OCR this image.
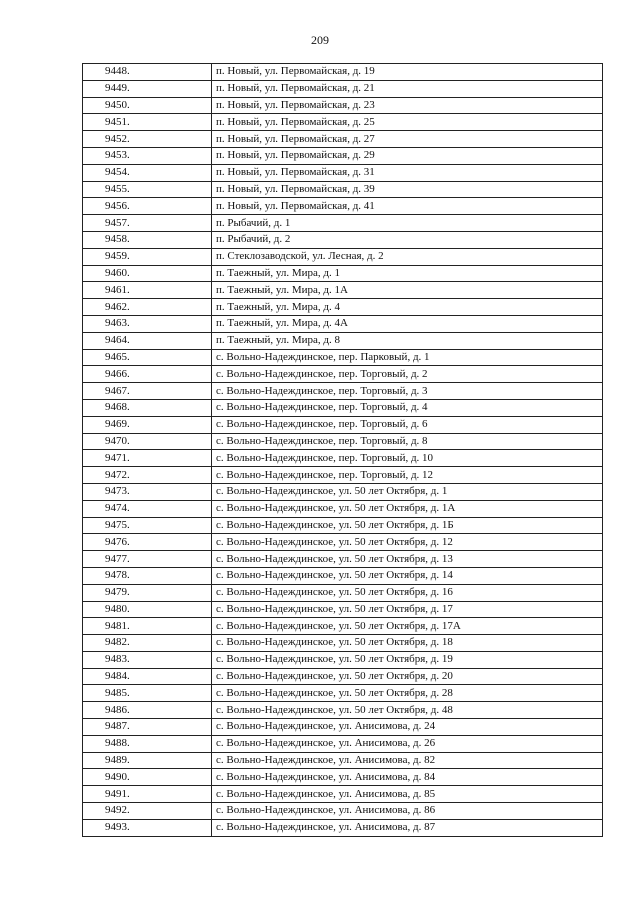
209
9448.	п. Новый, ул. Первомайская, д. 19
9449.	п. Новый, ул. Первомайская, д. 21
9450.	п. Новый, ул. Первомайская, д. 23
9451.	п. Новый, ул. Первомайская, д. 25
9452.	п. Новый, ул. Первомайская, д. 27
9453.	п. Новый, ул. Первомайская, д. 29
9454.	п. Новый, ул. Первомайская, д. 31
9455.	п. Новый, ул. Первомайская, д. 39
9456.	п. Новый, ул. Первомайская, д. 41
9457.	п. Рыбачий, д. 1
9458.	п. Рыбачий, д. 2
9459.	п. Стеклозаводской, ул. Лесная, д. 2
9460.	п. Таежный, ул. Мира, д. 1
9461.	п. Таежный, ул. Мира, д. 1А
9462.	п. Таежный, ул. Мира, д. 4
9463.	п. Таежный, ул. Мира, д. 4А
9464.	п. Таежный, ул. Мира, д. 8
9465.	с. Вольно-Надеждинское, пер. Парковый, д. 1
9466.	с. Вольно-Надеждинское, пер. Торговый, д. 2
9467.	с. Вольно-Надеждинское, пер. Торговый, д. 3
9468.	с. Вольно-Надеждинское, пер. Торговый, д. 4
9469.	с. Вольно-Надеждинское, пер. Торговый, д. 6
9470.	с. Вольно-Надеждинское, пер. Торговый, д. 8
9471.	с. Вольно-Надеждинское, пер. Торговый, д. 10
9472.	с. Вольно-Надеждинское, пер. Торговый, д. 12
9473.	с. Вольно-Надеждинское, ул. 50 лет Октября, д. 1
9474.	с. Вольно-Надеждинское, ул. 50 лет Октября, д. 1А
9475.	с. Вольно-Надеждинское, ул. 50 лет Октября, д. 1Б
9476.	с. Вольно-Надеждинское, ул. 50 лет Октября, д. 12
9477.	с. Вольно-Надеждинское, ул. 50 лет Октября, д. 13
9478.	с. Вольно-Надеждинское, ул. 50 лет Октября, д. 14
9479.	с. Вольно-Надеждинское, ул. 50 лет Октября, д. 16
9480.	с. Вольно-Надеждинское, ул. 50 лет Октября, д. 17
9481.	с. Вольно-Надеждинское, ул. 50 лет Октября, д. 17А
9482.	с. Вольно-Надеждинское, ул. 50 лет Октября, д. 18
9483.	с. Вольно-Надеждинское, ул. 50 лет Октября, д. 19
9484.	с. Вольно-Надеждинское, ул. 50 лет Октября, д. 20
9485.	с. Вольно-Надеждинское, ул. 50 лет Октября, д. 28
9486.	с. Вольно-Надеждинское, ул. 50 лет Октября, д. 48
9487.	с. Вольно-Надеждинское, ул. Анисимова, д. 24
9488.	с. Вольно-Надеждинское, ул. Анисимова, д. 26
9489.	с. Вольно-Надеждинское, ул. Анисимова, д. 82
9490.	с. Вольно-Надеждинское, ул. Анисимова, д. 84
9491.	с. Вольно-Надеждинское, ул. Анисимова, д. 85
9492.	с. Вольно-Надеждинское, ул. Анисимова, д. 86
9493.	с. Вольно-Надеждинское, ул. Анисимова, д. 87
